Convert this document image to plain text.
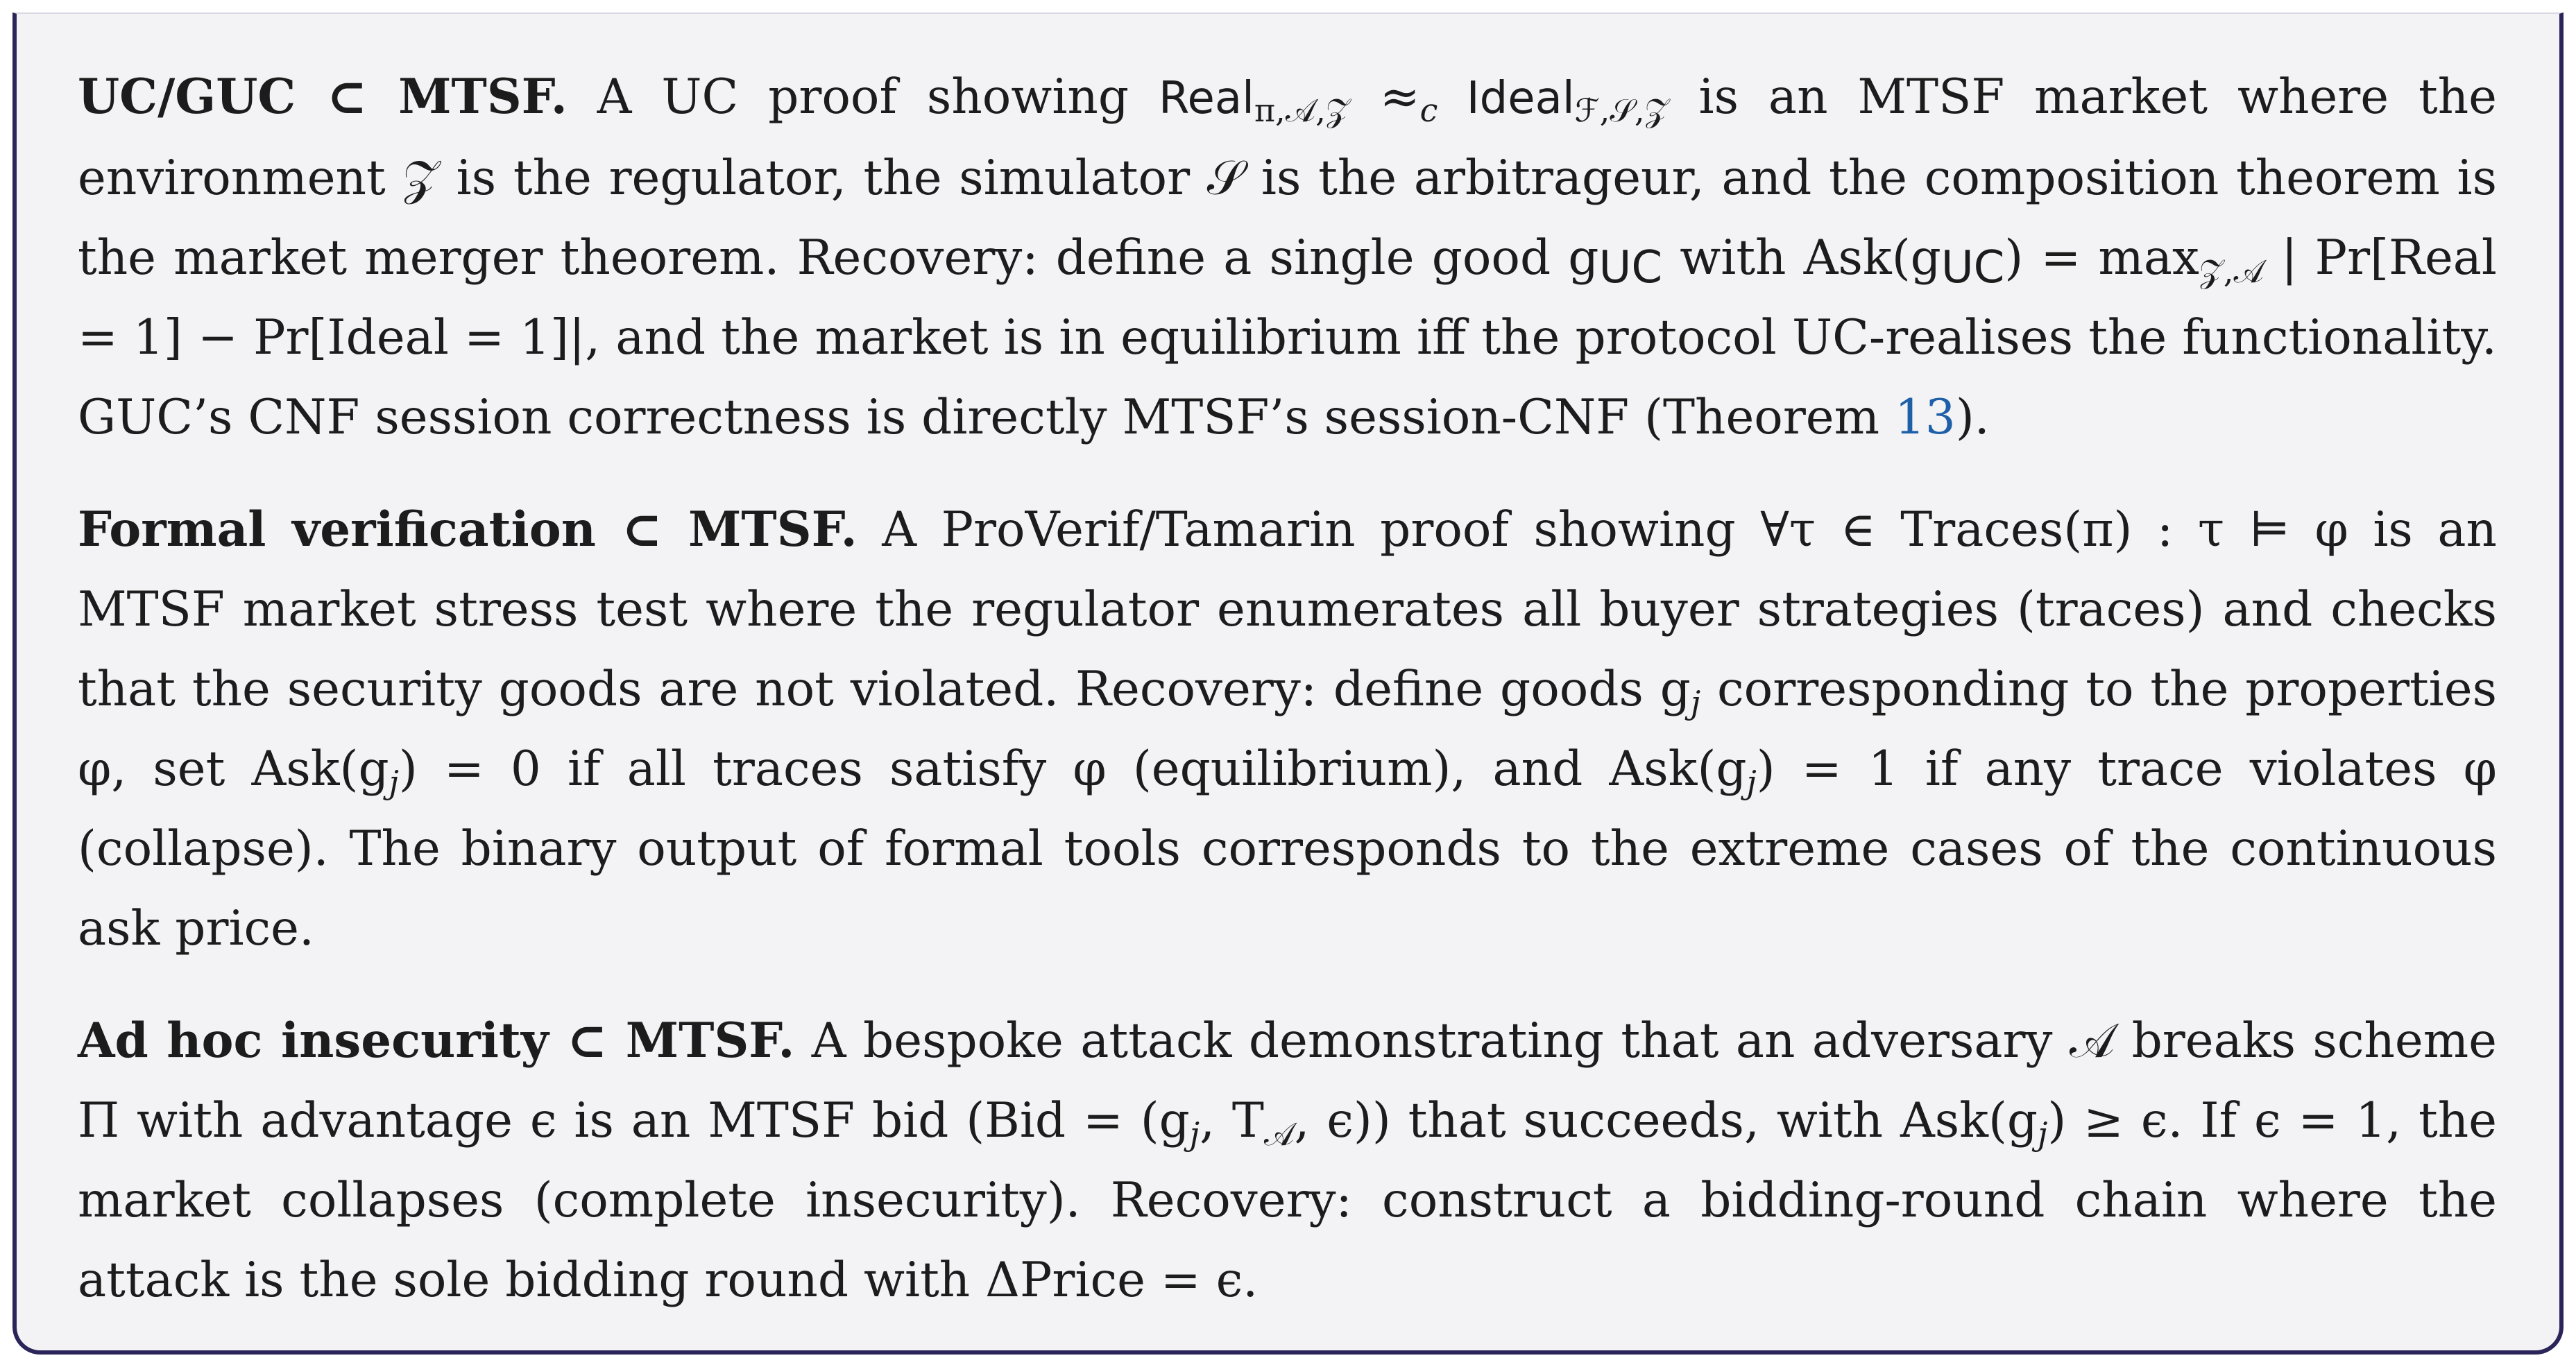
UC/GUC ⊂ MTSF. A UC proof showing Real$_{\pi,𝒜,𝒵}$ $\approx_c$ Ideal$_{ℱ,𝒮,𝒵}$ is an MTSF market where the environment 𝒵 is the regulator, the simulator 𝒮 is the arbitrageur, and the composition theorem is the market merger theorem. Recovery: define a single good $g_{UC}$ with $Ask(g_{UC}) = \max_{𝒵,𝒜}$ | Pr[Real = 1] − Pr[Ideal = 1]|, and the market is in equilibrium iff the protocol UC-realises the functionality. GUC’s CNF session correctness is directly MTSF’s session-CNF (Theorem 13).

Formal verification ⊂ MTSF. A ProVerif/Tamarin proof showing ∀τ ∈ Traces(π) : τ ⊨ φ is an MTSF market stress test where the regulator enumerates all buyer strategies (traces) and checks that the security goods are not violated. Recovery: define goods $g_j$ corresponding to the properties φ, set $Ask(g_j) = 0$ if all traces satisfy φ (equilibrium), and $Ask(g_j) = 1$ if any trace violates φ (collapse). The binary output of formal tools corresponds to the extreme cases of the continuous ask price.

Ad hoc insecurity ⊂ MTSF. A bespoke attack demonstrating that an adversary 𝒜 breaks scheme Π with advantage ϵ is an MTSF bid ($Bid = (g_j$, $T_𝒜$, ϵ)) that succeeds, with $Ask(g_j) \ge \epsilon$. If ϵ = 1, the market collapses (complete insecurity). Recovery: construct a bidding-round chain where the attack is the sole bidding round with ΔPrice = ϵ.
